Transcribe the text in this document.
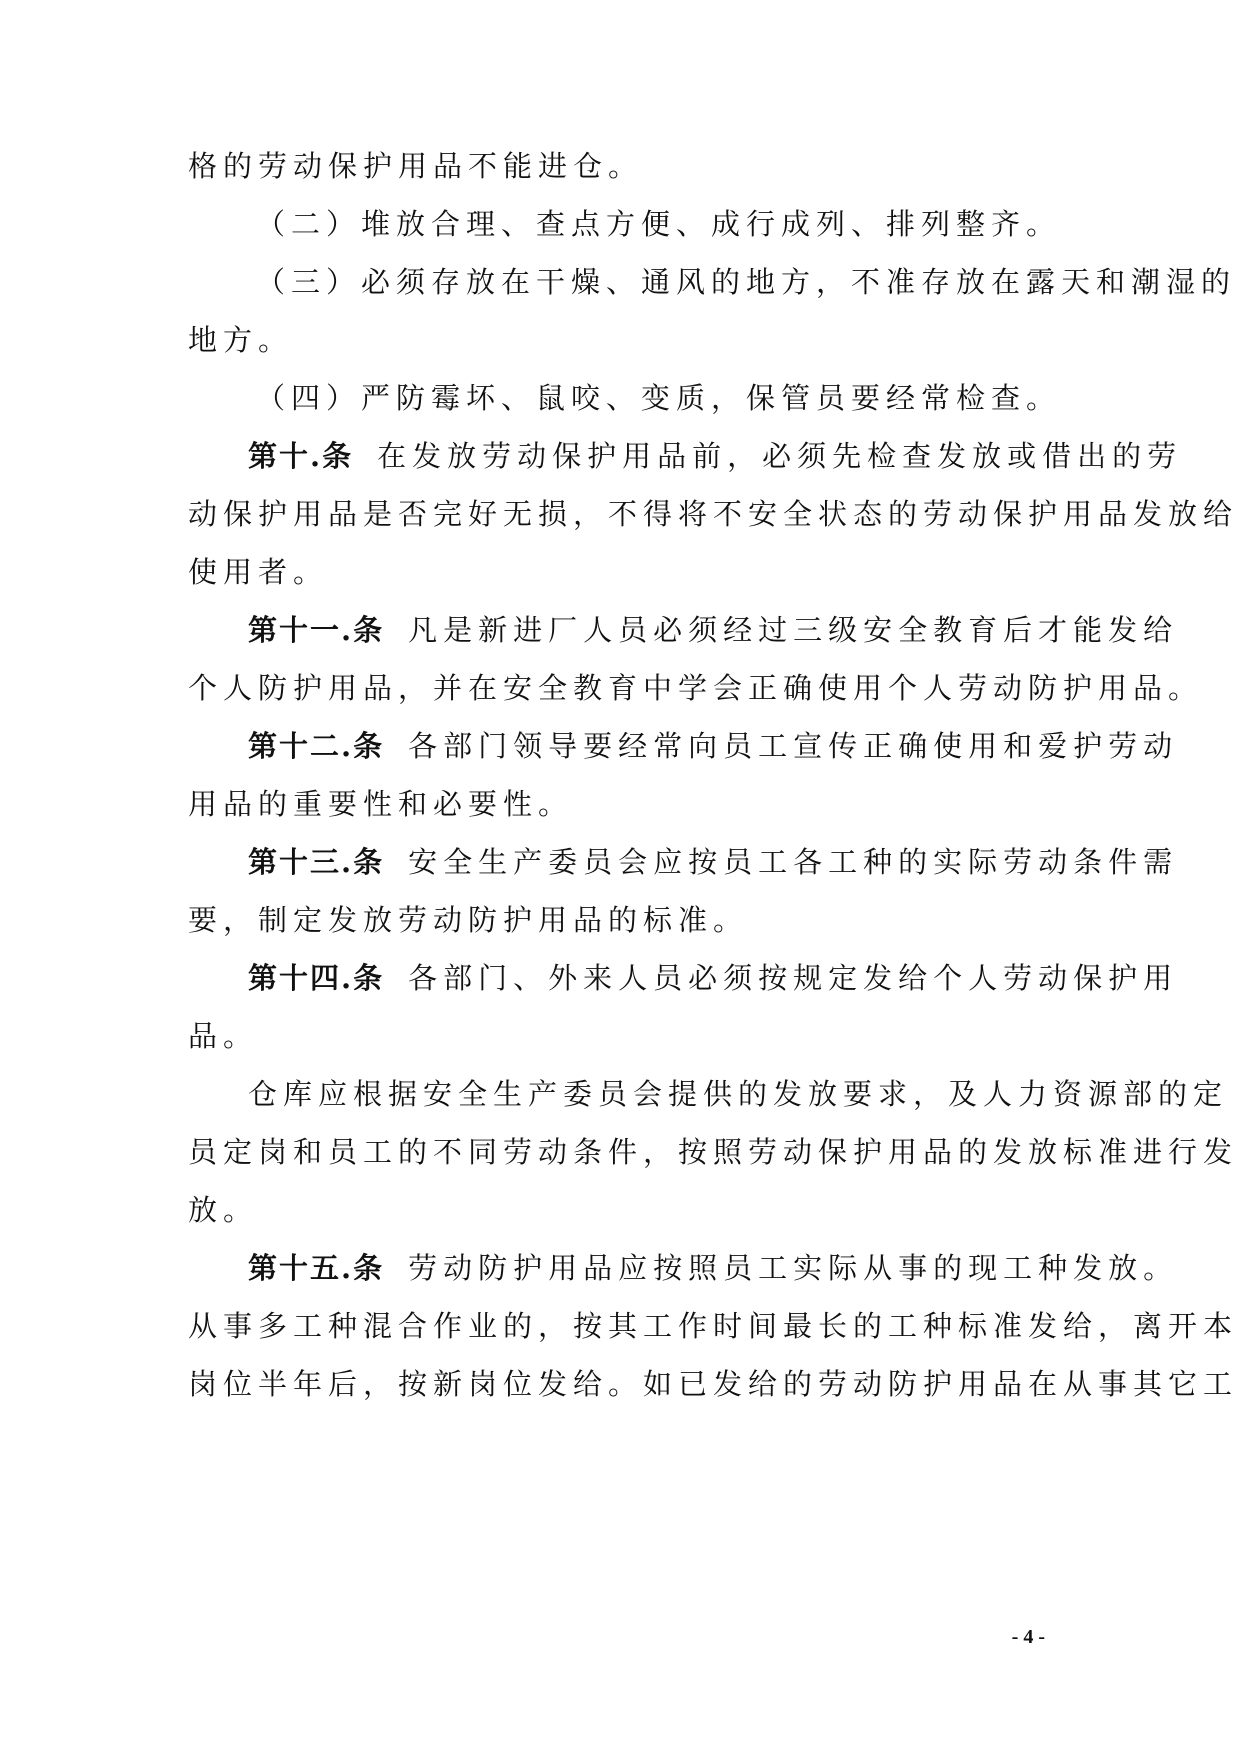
格的劳动保护用品不能进仓。
（二）堆放合理、查点方便、成行成列、排列整齐。
（三）必须存放在干燥、通风的地方，不准存放在露天和潮湿的
地方。
（四）严防霉坏、鼠咬、变质，保管员要经常检查。
第十.条 在发放劳动保护用品前，必须先检查发放或借出的劳
动保护用品是否完好无损，不得将不安全状态的劳动保护用品发放给
使用者。
第十一.条 凡是新进厂人员必须经过三级安全教育后才能发给
个人防护用品，并在安全教育中学会正确使用个人劳动防护用品。
第十二.条 各部门领导要经常向员工宣传正确使用和爱护劳动
用品的重要性和必要性。
第十三.条 安全生产委员会应按员工各工种的实际劳动条件需
要，制定发放劳动防护用品的标准。
第十四.条 各部门、外来人员必须按规定发给个人劳动保护用
品。
仓库应根据安全生产委员会提供的发放要求，及人力资源部的定
员定岗和员工的不同劳动条件，按照劳动保护用品的发放标准进行发
放。
第十五.条 劳动防护用品应按照员工实际从事的现工种发放。
从事多工种混合作业的，按其工作时间最长的工种标准发给，离开本
岗位半年后，按新岗位发给。如已发给的劳动防护用品在从事其它工
- 4 -
